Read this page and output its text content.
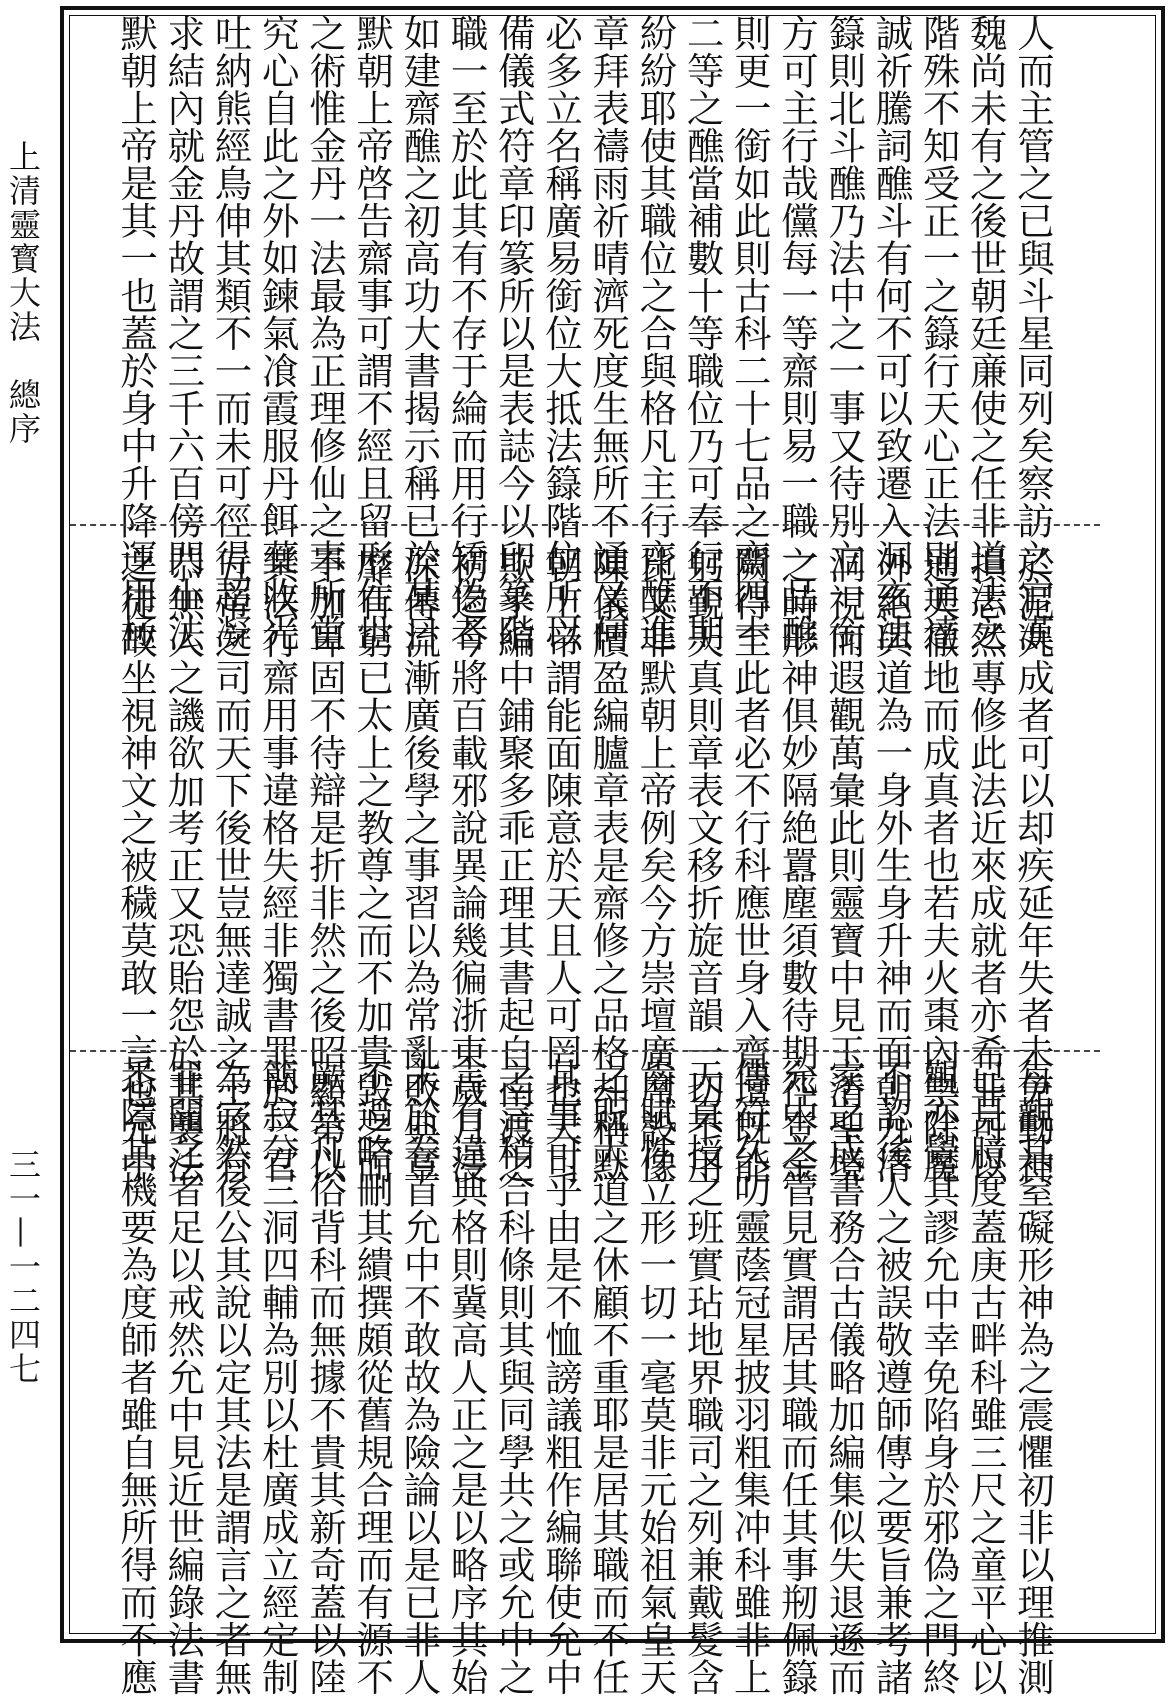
上清靈寳大法　總序
三一—一二四七
人而主管之已與斗星同列矣察訪之官漢
魏尚未有之後世朝廷亷使之任非道法之
階殊不知受正一之籙行天心正法則通達
誠祈騰詞醮斗有何不可以致遷入洞玄法
籙則北斗醮乃法中之一事又待別立一銜
方可主行哉儻每一等齋則易一職一品醮
則更一銜如此則古科二十七品之齋四十
二等之醮當補數十等職位乃可奉行不期
紛紛耶使其職位之合與格凡主行齋醮進
章拜表禱雨祈晴濟死度生無所不通又何
必多立名稱廣易銜位大抵法籙階位所以
備儀式符章印篆所以是表誌今以印篆階
職一至於此其有不存于綸而用行矯偽者
如建齋醮之初高功大書揭示稱已於某日
默朝上帝啓告齋事可謂不經且留形住世
之術惟金丹一法最為正理修仙之事所當
究心自此之外如鍊氣飡霞服丹餌藥收光
吐納熊經鳥伸其類不一而未可徑得超凝
求結內就金丹故謂之三千六百傍門小法
默朝上帝是其一也蓋於身中升降運用極
於泥丸成者可以却疾延年失者未免動神
損志然專修此法近來成就者亦希非可以
通天徹地而成真者也若夫火棗內祟除魔
外絶與道為一身外生身升神而面朝九清
洞視而遐觀萬彙此則靈寶中見玉清聖境
之時形神俱妙隔絶囂塵須數待期徑登金
闕得至此者必不行科應世身入齋壇既能
躬覲天真則章表文移折旋音韻一切不用
比又非默朝上帝例矣今方崇壇廣席設像
陳儀牘盈編臚章表是齋修之品格却稱默
朝上帝謂能面陳意於天且人可罔也天可
欺乎編中鋪聚多乖正理其書起自南渡之
初迄今將百載邪說異論幾徧浙東歲月浸
深傳流漸廣後學之事習以為常亂敗典章
靡有窮已太上之教尊之而不加貴毀之而
不加卑固不待辯是折非然之後昭顯第以
其法行齋用事違格失經非獨書罪於三官
五帝之司而天下後世豈無達誠之士將有
恭無人之譏欲加考正又恐貽怨於其襲法
之徒故坐視神文之被穢莫敢一言也允中
每觀其窒礙形神為之震懼初非以理推測
已見臆度蓋庚古畔科雖三尺之童平心以
觀亦覺其謬允中幸免陷身於邪偽之門終
不認後人之被誤敬遵師傳之要旨兼考諸
家之成書務合古儀略加編集似失退遜而
允中之管見實謂居其職而任其事剏佩籙
傳符久叨靈蔭冠星披羽粗集冲科雖非上
天真授之班實玷地界職司之列兼戴髮含
齒賦性立形一切一毫莫非元始祖氣皇天
之貺大道之休顧不重耶是居其職而不任
其事可乎由是不恤謗議粗作編聯使允中
之言稍合科條則其與同學共之或允中之
言有違典格則冀高人正之是以略序其始
末於卷首允中不敢故為險論以是已非人
不過略刪其繢撰頗從舊規合理而有源不
厥其凡俗背科而無據不貴其新奇蓋以陸
簡寂分三洞四輔為別以杜廣成立經定制
為宗然後公其說以定其法是謂言之者無
罪聞之者足以戒然允中見近世編錄法書
悉隱其機要為度師者雖自無所得而不應
